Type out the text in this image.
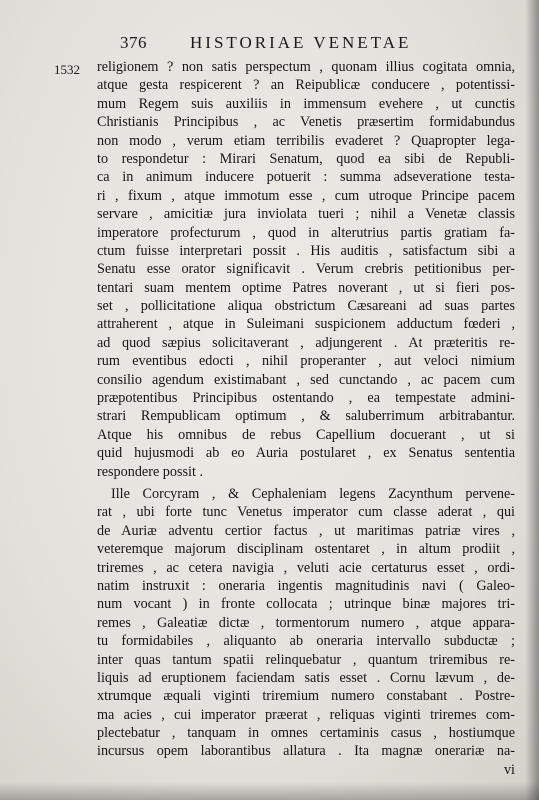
376	HISTORIAE VENETAE
1532 religionem ? non satis perspectum , quonam illius cogitata omnia,
atque gesta respicerent ? an Reipublicæ conducere , potentissi-
mum Regem suis auxiliis in immensum evehere , ut cunctis
Christianis Principibus , ac Venetis præsertim formidabundus
non modo , verum etiam terribilis evaderet ? Quapropter lega-
to respondetur : Mirari Senatum, quod ea sibi de Republi-
ca in animum inducere potuerit : summa adseveratione testa-
ri , fixum , atque immotum esse , cum utroque Principe pacem
servare , amicitiæ jura inviolata tueri ; nihil a Venetæ classis
imperatore profecturum , quod in alterutrius partis gratiam fa-
ctum fuisse interpretari possit . His auditis , satisfactum sibi a
Senatu esse orator significavit . Verum crebris petitionibus per-
tentari suam mentem optime Patres noverant , ut si fieri pos-
set , pollicitatione aliqua obstrictum Cæsareani ad suas partes
attraherent , atque in Suleimani suspicionem adductum fœderi ,
ad quod sæpius solicitaverant , adjungerent . At præteritis re-
rum eventibus edocti , nihil properanter , aut veloci nimium
consilio agendum existimabant , sed cunctando , ac pacem cum
præpotentibus Principibus ostentando , ea tempestate admini-
strari Rempublicam optimum , & saluberrimum arbitrabantur.
Atque his omnibus de rebus Capellium docuerant , ut si
quid hujusmodi ab eo Auria postularet , ex Senatus sententia
respondere possit .
Ille Corcyram , & Cephaleniam legens Zacynthum pervene-
rat , ubi forte tunc Venetus imperator cum classe aderat , qui
de Auriæ adventu certior factus , ut maritimas patriæ vires ,
veteremque majorum disciplinam ostentaret , in altum prodiit ,
triremes , ac cetera navigia , veluti acie certaturus esset , ordi-
natim instruxit : oneraria ingentis magnitudinis navi ( Galeo-
num vocant ) in fronte collocata ; utrinque binæ majores tri-
remes , Galeatiæ dictæ , tormentorum numero , atque appara-
tu formidabiles , aliquanto ab oneraria intervallo subductæ ;
inter quas tantum spatii relinquebatur , quantum triremibus re-
liquis ad eruptionem faciendam satis esset . Cornu lævum , de-
xtrumque æquali viginti triremium numero constabant . Postre-
ma acies , cui imperator præerat , reliquas viginti triremes com-
plectebatur , tanquam in omnes certaminis casus , hostiumque
incursus opem laborantibus allatura . Ita magnæ onerariæ na-
vi
